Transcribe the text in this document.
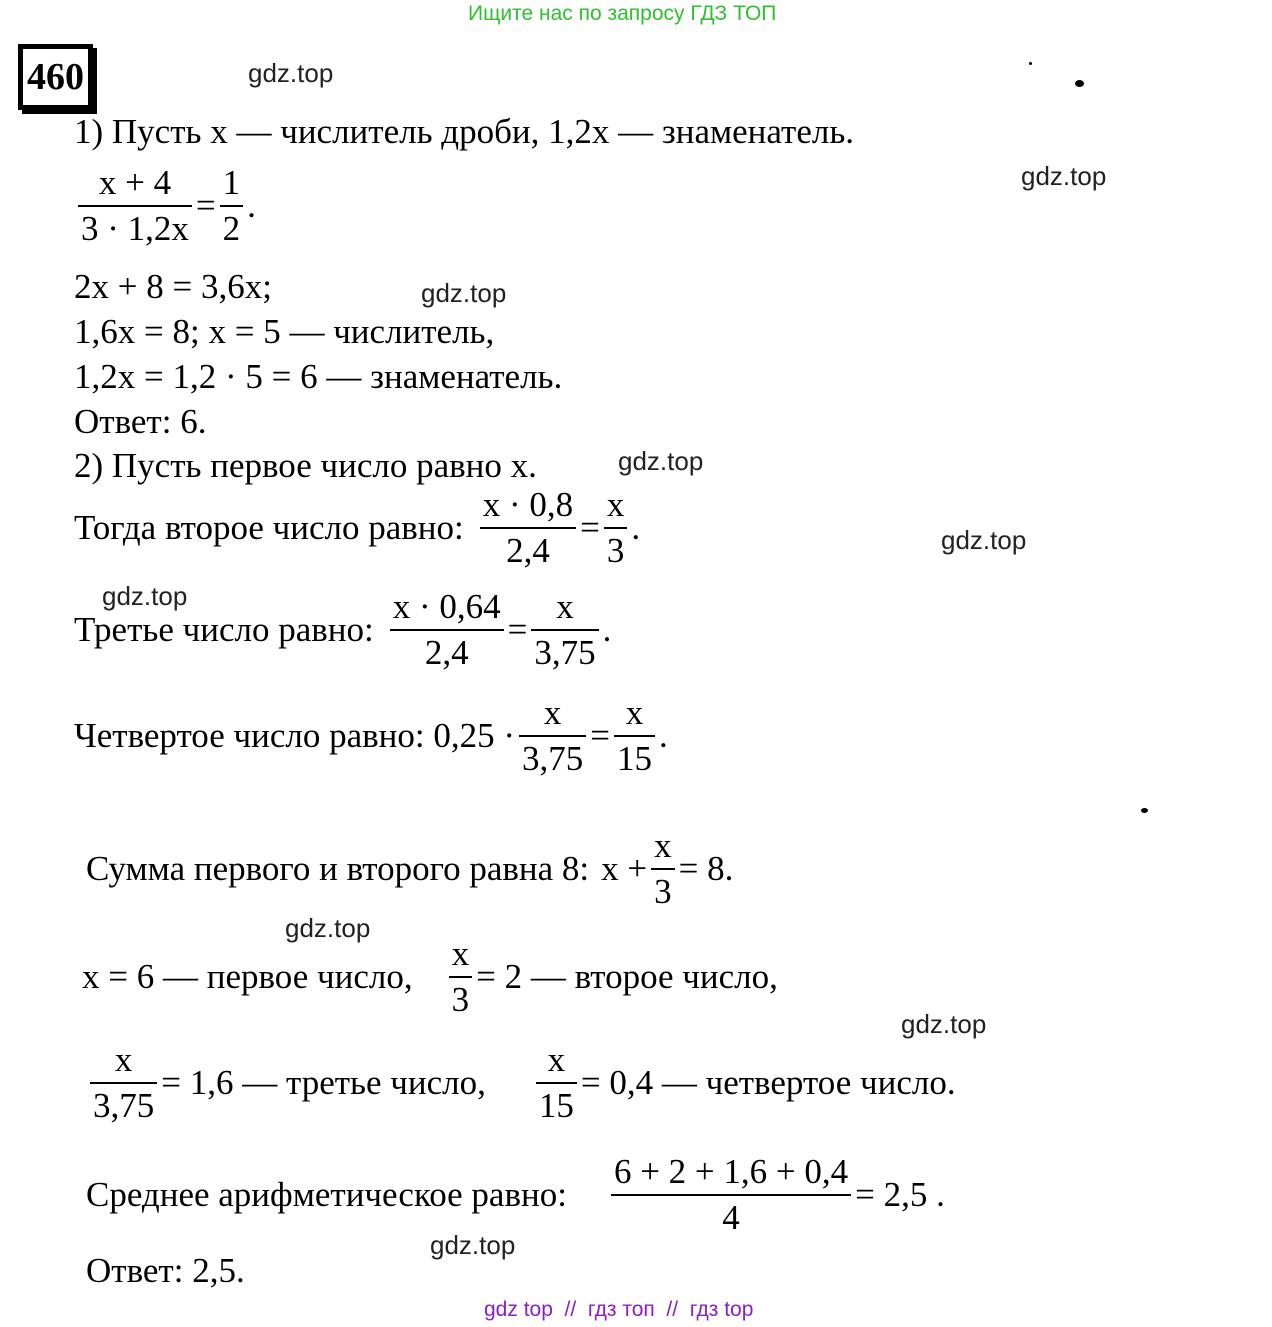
Ищите нас по запросу ГДЗ ТОП
460	gdz.top
gdz.top
gdz.top
gdz.top
gdz.top
gdz.top
gdz.top
gdz.top
gdz.top
1) Пусть x — числитель дроби, 1,2x — знаменатель.
$\frac{x + 4}{3 \cdot 1,2x} = \frac{1}{2}$ .
2x + 8 = 3,6x;
1,6x = 8; x = 5 — числитель,
1,2x = 1,2 · 5 = 6 — знаменатель.
Ответ: 6.
2) Пусть первое число равно x.
Тогда второе число равно: $\frac{x \cdot 0,8}{2,4} = \frac{x}{3}$ .
Третье число равно: $\frac{x \cdot 0,64}{2,4} = \frac{x}{3,75}$ .
Четвертое число равно: $0,25 \cdot \frac{x}{3,75} = \frac{x}{15}$ .
Сумма первого и второго равна 8: $x + \frac{x}{3} = 8$.
x = 6 — первое число, $\frac{x}{3} = 2$ — второе число,
$\frac{x}{3,75} = 1,6$ — третье число, $\frac{x}{15} = 0,4$ — четвертое число.
Среднее арифметическое равно: $\frac{6 + 2 + 1,6 + 0,4}{4} = 2,5$ .
Ответ: 2,5.
gdz top  //  гдз топ  //  гдз top
